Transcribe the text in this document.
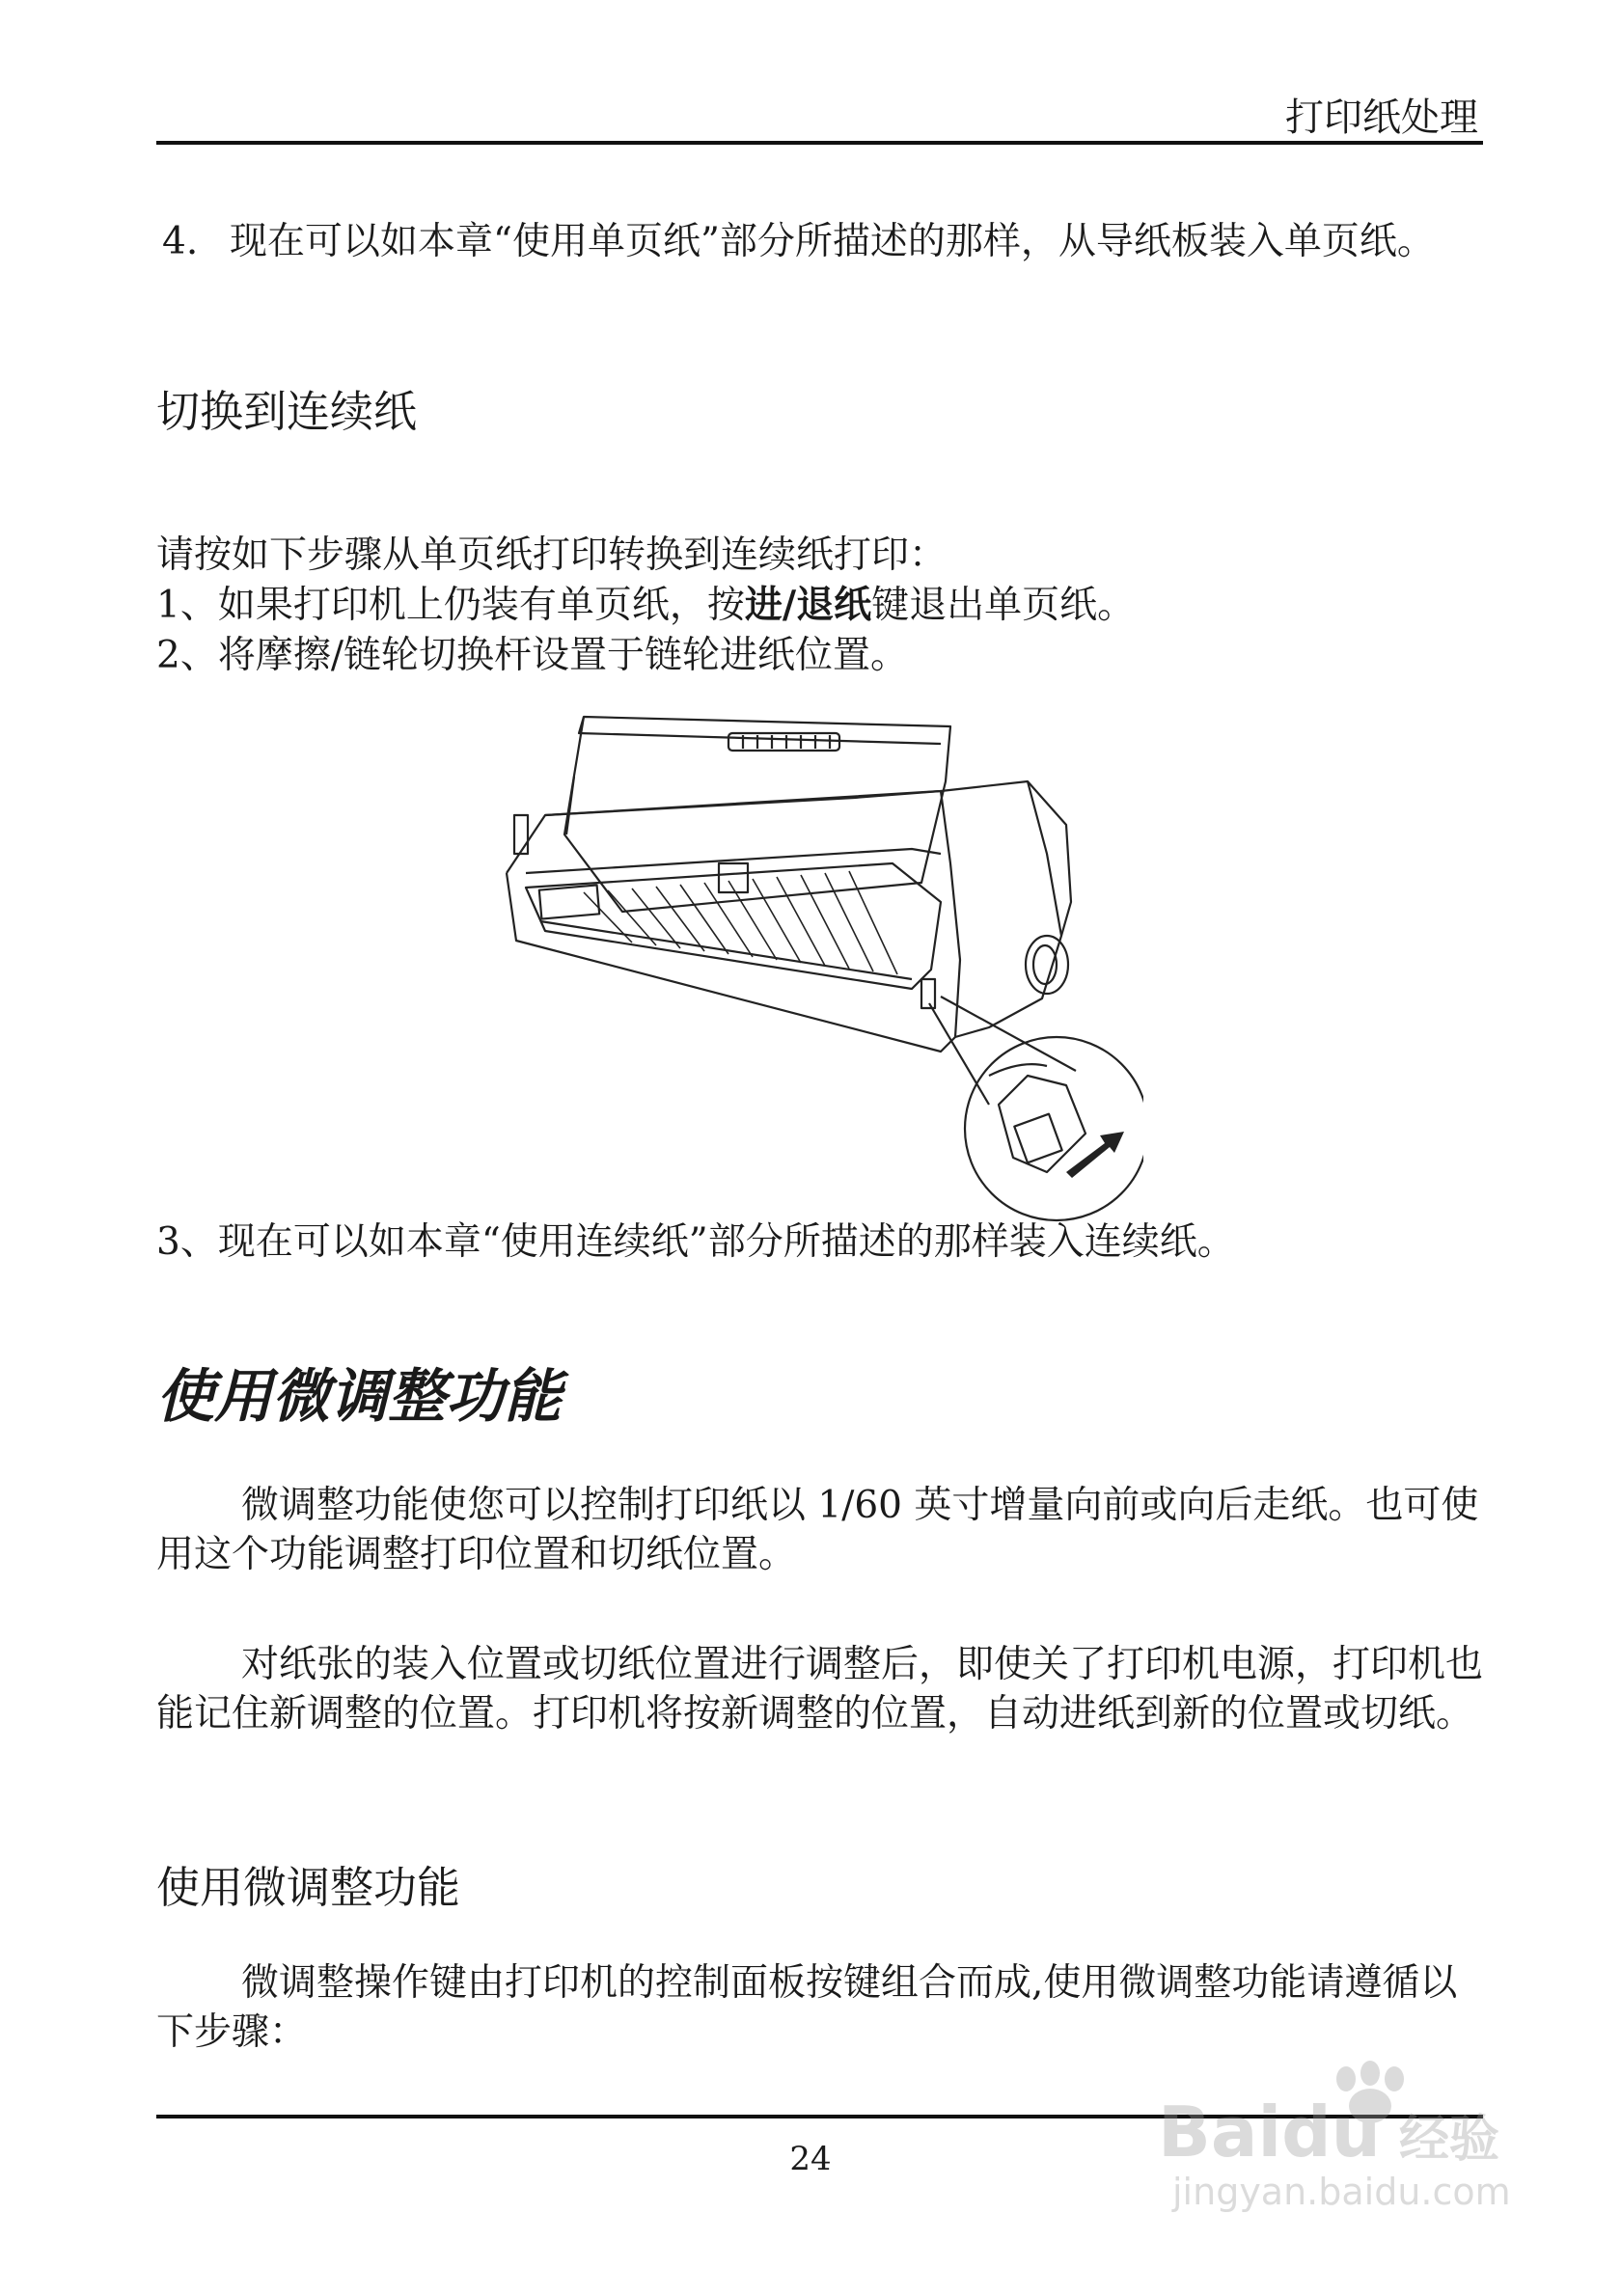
打印纸处理
4. 现在可以如本章“使用单页纸”部分所描述的那样，从导纸板装入单页纸。
切换到连续纸
请按如下步骤从单页纸打印转换到连续纸打印：
1、如果打印机上仍装有单页纸，按进/退纸键退出单页纸。
2、将摩擦/链轮切换杆设置于链轮进纸位置。
3、现在可以如本章“使用连续纸”部分所描述的那样装入连续纸。
使用微调整功能
微调整功能使您可以控制打印纸以 1/60 英寸增量向前或向后走纸。也可使用这个功能调整打印位置和切纸位置。
对纸张的装入位置或切纸位置进行调整后，即使关了打印机电源，打印机也能记住新调整的位置。打印机将按新调整的位置，自动进纸到新的位置或切纸。
使用微调整功能
微调整操作键由打印机的控制面板按键组合而成,使用微调整功能请遵循以下步骤：
24	Baidu 经验
jingyan.baidu.com
